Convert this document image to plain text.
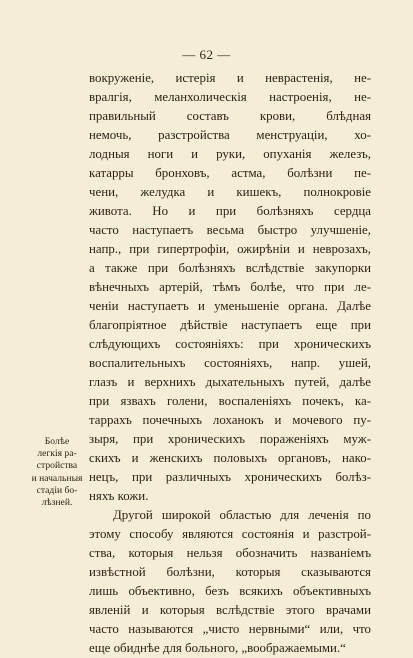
— 62 —
вокруженіе, истерія и неврастенія, не-
вралгія, меланхолическія настроенія, не-
правильный составъ крови, блѣдная
немочь, разстройства менструаціи, хо-
лодныя ноги и руки, опуханія железъ,
катарры бронховъ, астма, болѣзни пе-
чени, желудка и кишекъ, полнокровіе
живота. Но и при болѣзняхъ сердца
часто наступаетъ весьма быстро улучшеніе,
напр., при гипертрофіи, ожирѣніи и неврозахъ,
а также при болѣзняхъ вслѣдствіе закупорки
вѣнечныхъ артерій, тѣмъ болѣе, что при ле-
ченіи наступаетъ и уменьшеніе органа. Далѣе
благопріятное дѣйствіе наступаетъ еще при
слѣдующихъ состояніяхъ: при хроническихъ
воспалительныхъ состояніяхъ, напр. ушей,
глазъ и верхнихъ дыхательныхъ путей, далѣе
при язвахъ голени, воспаленіяхъ почекъ, ка-
таррахъ почечныхъ лоханокъ и мочевого пу-
зыря, при хроническихъ пораженіяхъ муж-
скихъ и женскихъ половыхъ органовъ, нако-
нецъ, при различныхъ хроническихъ болѣз-
няхъ кожи.
Другой широкой областью для леченія по
этому способу являются состоянія и разстрой-
ства, которыя нельзя обозначить названіемъ
извѣстной болѣзни, которыя сказываются
лишь объективно, безъ всякихъ объективныхъ
явленій и которыя вслѣдствіе этого врачами
часто называются „чисто нервными“ или, что
еще обиднѣе для больного, „воображаемыми.“
Болѣе
легкія ра-
стройства
и начальныя
стадіи бо-
лѣзней.
